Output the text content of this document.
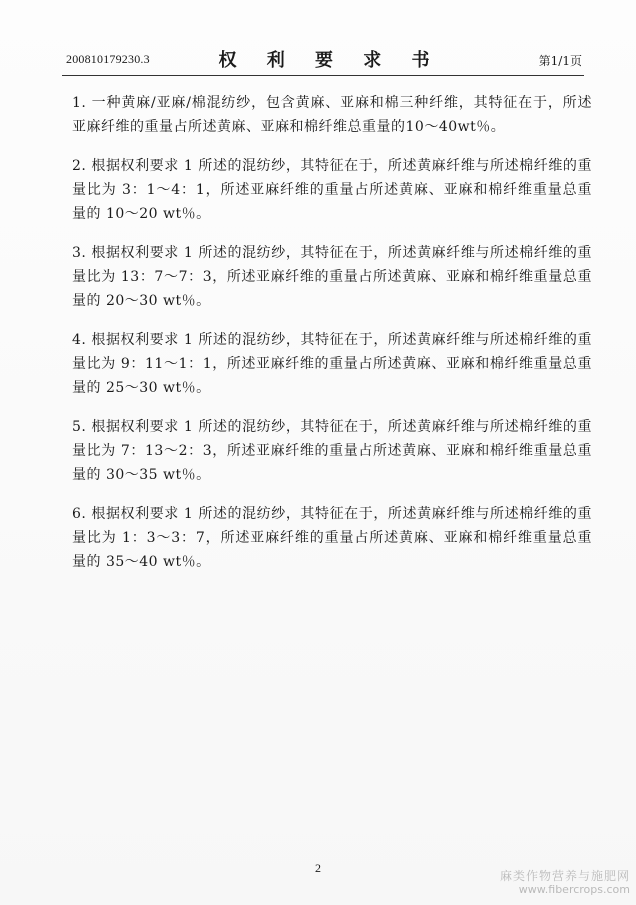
200810179230.3	权 利 要 求 书	第1/1页
1. 一种黄麻/亚麻/棉混纺纱，包含黄麻、亚麻和棉三种纤维，其特征在于，所述亚麻纤维的重量占所述黄麻、亚麻和棉纤维总重量的10～40wt％。
2. 根据权利要求 1 所述的混纺纱，其特征在于，所述黄麻纤维与所述棉纤维的重量比为 3：1～4：1，所述亚麻纤维的重量占所述黄麻、亚麻和棉纤维重量总重量的 10～20 wt％。
3. 根据权利要求 1 所述的混纺纱，其特征在于，所述黄麻纤维与所述棉纤维的重量比为 13：7～7：3，所述亚麻纤维的重量占所述黄麻、亚麻和棉纤维重量总重量的 20～30 wt％。
4. 根据权利要求 1 所述的混纺纱，其特征在于，所述黄麻纤维与所述棉纤维的重量比为 9：11～1：1，所述亚麻纤维的重量占所述黄麻、亚麻和棉纤维重量总重量的 25～30 wt％。
5. 根据权利要求 1 所述的混纺纱，其特征在于，所述黄麻纤维与所述棉纤维的重量比为 7：13～2：3，所述亚麻纤维的重量占所述黄麻、亚麻和棉纤维重量总重量的 30～35 wt％。
6. 根据权利要求 1 所述的混纺纱，其特征在于，所述黄麻纤维与所述棉纤维的重量比为 1：3～3：7，所述亚麻纤维的重量占所述黄麻、亚麻和棉纤维重量总重量的 35～40 wt％。
2
麻类作物营养与施肥网
www.fibercrops.com
